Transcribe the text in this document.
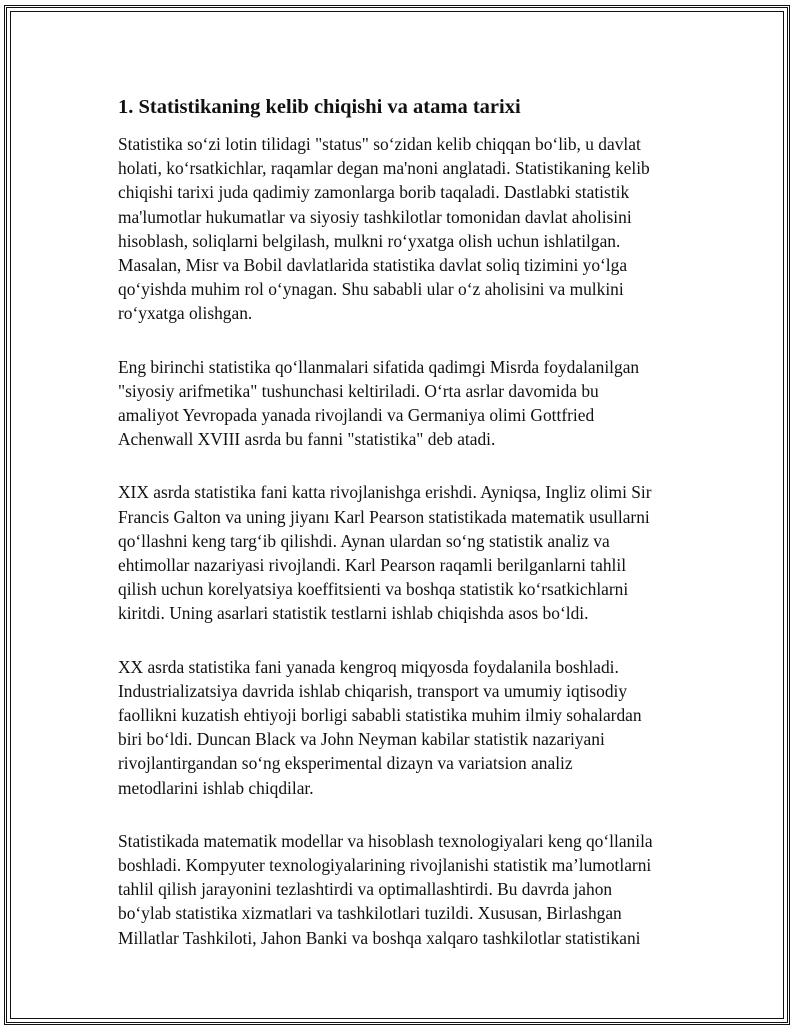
1. Statistikaning kelib chiqishi va atama tarixi
Statistika so‘zi lotin tilidagi "status" so‘zidan kelib chiqqan bo‘lib, u davlat
holati, ko‘rsatkichlar, raqamlar degan ma'noni anglatadi. Statistikaning kelib
chiqishi tarixi juda qadimiy zamonlarga borib taqaladi. Dastlabki statistik
ma'lumotlar hukumatlar va siyosiy tashkilotlar tomonidan davlat aholisini
hisoblash, soliqlarni belgilash, mulkni ro‘yxatga olish uchun ishlatilgan.
Masalan, Misr va Bobil davlatlarida statistika davlat soliq tizimini yo‘lga
qo‘yishda muhim rol o‘ynagan. Shu sababli ular o‘z aholisini va mulkini
ro‘yxatga olishgan.
Eng birinchi statistika qo‘llanmalari sifatida qadimgi Misrda foydalanilgan
"siyosiy arifmetika" tushunchasi keltiriladi. O‘rta asrlar davomida bu
amaliyot Yevropada yanada rivojlandi va Germaniya olimi Gottfried
Achenwall XVIII asrda bu fanni "statistika" deb atadi.
XIX asrda statistika fani katta rivojlanishga erishdi. Ayniqsa, Ingliz olimi Sir
Francis Galton va uning jiyanı Karl Pearson statistikada matematik usullarni
qo‘llashni keng targ‘ib qilishdi. Aynan ulardan so‘ng statistik analiz va
ehtimollar nazariyasi rivojlandi. Karl Pearson raqamli berilganlarni tahlil
qilish uchun korelyatsiya koeffitsienti va boshqa statistik ko‘rsatkichlarni
kiritdi. Uning asarlari statistik testlarni ishlab chiqishda asos bo‘ldi.
XX asrda statistika fani yanada kengroq miqyosda foydalanila boshladi.
Industrializatsiya davrida ishlab chiqarish, transport va umumiy iqtisodiy
faollikni kuzatish ehtiyoji borligi sababli statistika muhim ilmiy sohalardan
biri bo‘ldi. Duncan Black va John Neyman kabilar statistik nazariyani
rivojlantirgandan so‘ng eksperimental dizayn va variatsion analiz
metodlarini ishlab chiqdilar.
Statistikada matematik modellar va hisoblash texnologiyalari keng qo‘llanila
boshladi. Kompyuter texnologiyalarining rivojlanishi statistik ma’lumotlarni
tahlil qilish jarayonini tezlashtirdi va optimallashtirdi. Bu davrda jahon
bo‘ylab statistika xizmatlari va tashkilotlari tuzildi. Xususan, Birlashgan
Millatlar Tashkiloti, Jahon Banki va boshqa xalqaro tashkilotlar statistikani
